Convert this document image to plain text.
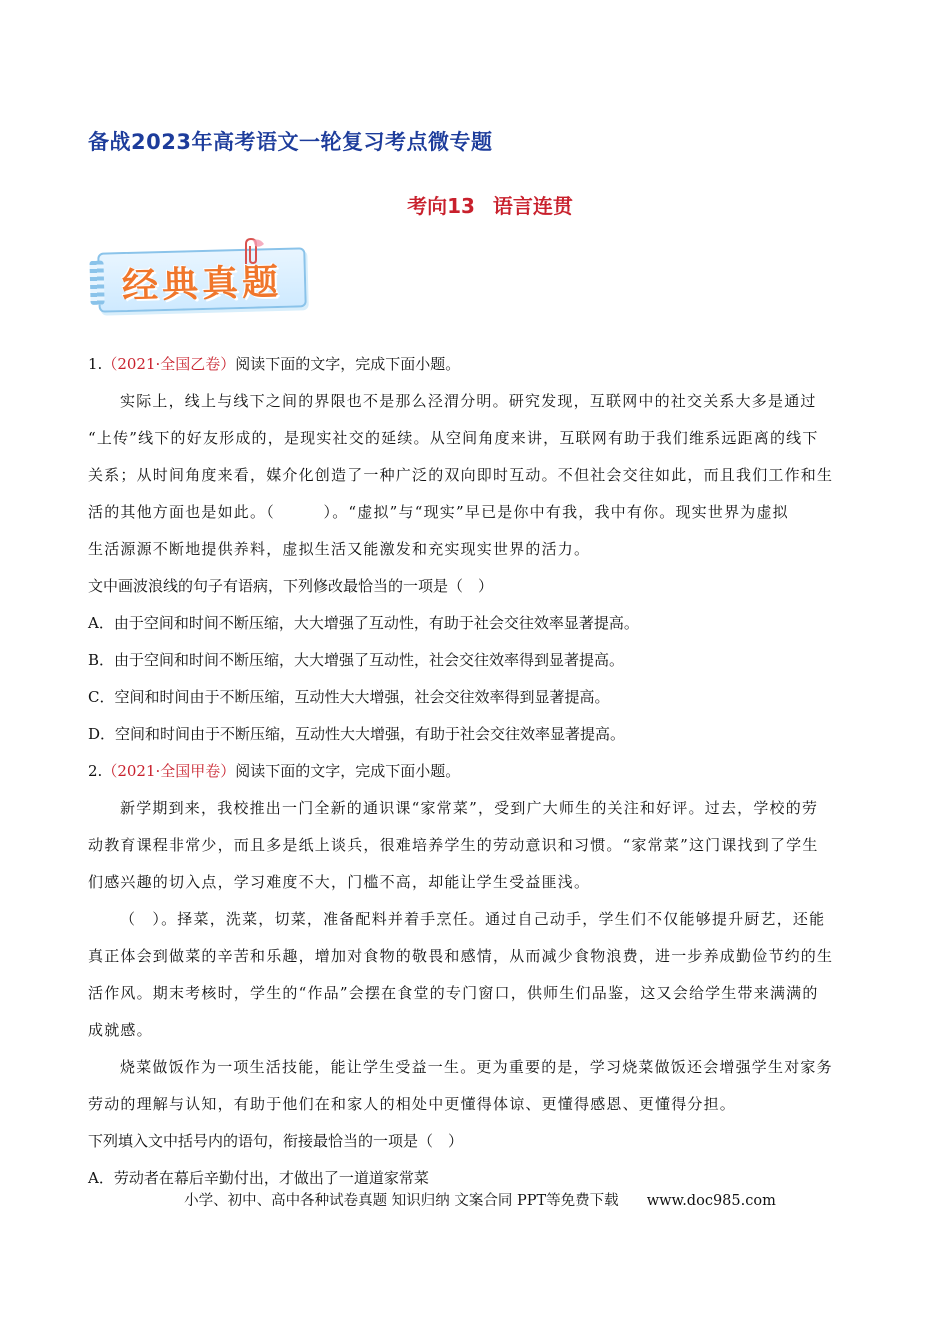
备战2023年高考语文一轮复习考点微专题
考向13 语言连贯
经典真题
1.（2021·全国乙卷）阅读下面的文字，完成下面小题。
实际上，线上与线下之间的界限也不是那么泾渭分明。研究发现，互联网中的社交关系大多是通过
“上传”线下的好友形成的，是现实社交的延续。从空间角度来讲，互联网有助于我们维系远距离的线下
关系；从时间角度来看，媒介化创造了一种广泛的双向即时互动。不但社会交往如此，而且我们工作和生
活的其他方面也是如此。（　　　）。“虚拟”与“现实”早已是你中有我，我中有你。现实世界为虚拟
生活源源不断地提供养料，虚拟生活又能激发和充实现实世界的活力。
文中画波浪线的句子有语病，下列修改最恰当的一项是（　）
A．由于空间和时间不断压缩，大大增强了互动性，有助于社会交往效率显著提高。
B．由于空间和时间不断压缩，大大增强了互动性，社会交往效率得到显著提高。
C．空间和时间由于不断压缩，互动性大大增强，社会交往效率得到显著提高。
D．空间和时间由于不断压缩，互动性大大增强，有助于社会交往效率显著提高。
2.（2021·全国甲卷）阅读下面的文字，完成下面小题。
新学期到来，我校推出一门全新的通识课“家常菜”，受到广大师生的关注和好评。过去，学校的劳
动教育课程非常少，而且多是纸上谈兵，很难培养学生的劳动意识和习惯。“家常菜”这门课找到了学生
们感兴趣的切入点，学习难度不大，门槛不高，却能让学生受益匪浅。
（　）。择菜，洗菜，切菜，准备配料并着手烹任。通过自己动手，学生们不仅能够提升厨艺，还能
真正体会到做菜的辛苦和乐趣，增加对食物的敬畏和感情，从而减少食物浪费，进一步养成勤俭节约的生
活作风。期末考核时，学生的“作品”会摆在食堂的专门窗口，供师生们品鉴，这又会给学生带来满满的
成就感。
烧菜做饭作为一项生活技能，能让学生受益一生。更为重要的是，学习烧菜做饭还会增强学生对家务
劳动的理解与认知，有助于他们在和家人的相处中更懂得体谅、更懂得感恩、更懂得分担。
下列填入文中括号内的语句，衔接最恰当的一项是（　）
A．劳动者在幕后辛勤付出，才做出了一道道家常菜
小学、初中、高中各种试卷真题 知识归纳 文案合同 PPT等免费下载 www.doc985.com
